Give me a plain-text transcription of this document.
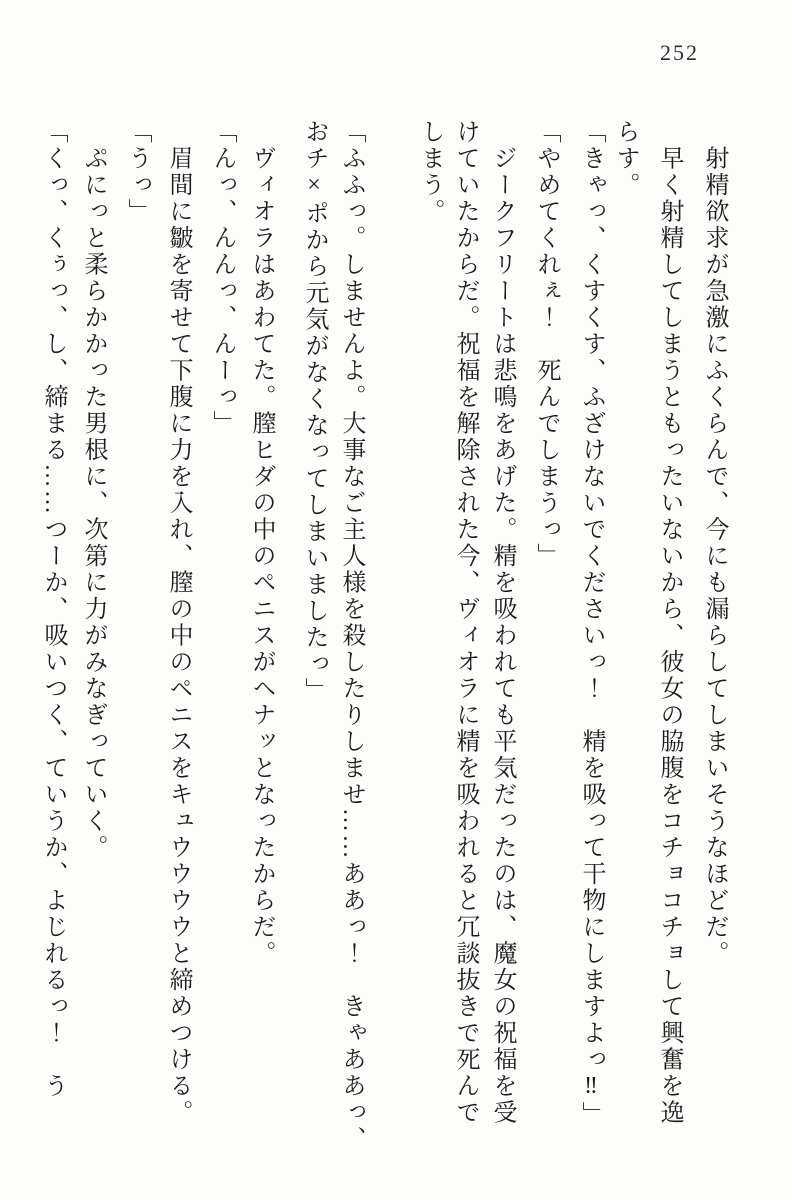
252
　射精欲求が急激にふくらんで、今にも漏らしてしまいそうなほどだ。
　早く射精してしまうともったいないから、彼女の脇腹をコチョコチョして興奮を逸
らす。
「きゃっ、くすくす、ふざけないでくださいっ！　精を吸って干物にしますよっ‼」
「やめてくれぇ！　死んでしまうっ」
　ジークフリートは悲鳴をあげた。精を吸われても平気だったのは、魔女の祝福を受
けていたからだ。祝福を解除された今、ヴィオラに精を吸われると冗談抜きで死んで
しまう。
「ふふっ。しませんよ。大事なご主人様を殺したりしませ……ああっ！　きゃああっ、
おチ×ポから元気がなくなってしまいましたっ」
　ヴィオラはあわてた。膣ヒダの中のペニスがヘナッとなったからだ。
「んっ、んんっ、んーっ」
　眉間に皺を寄せて下腹に力を入れ、膣の中のペニスをキュウウウウと締めつける。
「うっ」
　ぷにっと柔らかかった男根に、次第に力がみなぎっていく。
「くっ、くぅっ、し、締まる……つーか、吸いつく、ていうか、よじれるっ！　う
